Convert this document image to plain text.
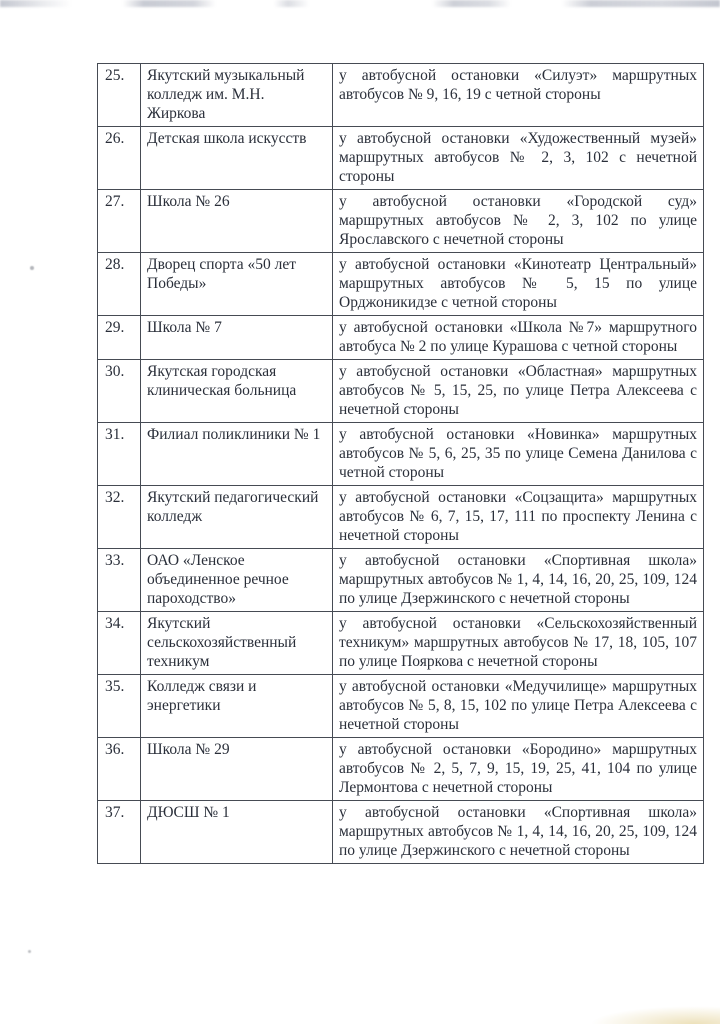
25.	Якутский музыкальный колледж им. М.Н. Жиркова	у автобусной остановки «Силуэт» маршрутных автобусов № 9, 16, 19 с четной стороны
26.	Детская школа искусств	у автобусной остановки «Художественный музей» маршрутных автобусов № 2, 3, 102 с нечетной стороны
27.	Школа № 26	у автобусной остановки «Городской суд» маршрутных автобусов № 2, 3, 102 по улице Ярославского с нечетной стороны
28.	Дворец спорта «50 лет Победы»	у автобусной остановки «Кинотеатр Центральный» маршрутных автобусов № 5, 15 по улице Орджоникидзе с четной стороны
29.	Школа № 7	у автобусной остановки «Школа №7» маршрутного автобуса № 2 по улице Курашова с четной стороны
30.	Якутская городская клиническая больница	у автобусной остановки «Областная» маршрутных автобусов № 5, 15, 25, по улице Петра Алексеева с нечетной стороны
31.	Филиал поликлиники № 1	у автобусной остановки «Новинка» маршрутных автобусов № 5, 6, 25, 35 по улице Семена Данилова с четной стороны
32.	Якутский педагогический колледж	у автобусной остановки «Соцзащита» маршрутных автобусов № 6, 7, 15, 17, 111 по проспекту Ленина с нечетной стороны
33.	ОАО «Ленское объединенное речное пароходство»	у автобусной остановки «Спортивная школа» маршрутных автобусов № 1, 4, 14, 16, 20, 25, 109, 124 по улице Дзержинского с нечетной стороны
34.	Якутский сельскохозяйственный техникум	у автобусной остановки «Сельскохозяйственный техникум» маршрутных автобусов № 17, 18, 105, 107 по улице Пояркова с нечетной стороны
35.	Колледж связи и энергетики	у автобусной остановки «Медучилище» маршрутных автобусов № 5, 8, 15, 102 по улице Петра Алексеева с нечетной стороны
36.	Школа № 29	у автобусной остановки «Бородино» маршрутных автобусов № 2, 5, 7, 9, 15, 19, 25, 41, 104 по улице Лермонтова с нечетной стороны
37.	ДЮСШ № 1	у автобусной остановки «Спортивная школа» маршрутных автобусов № 1, 4, 14, 16, 20, 25, 109, 124 по улице Дзержинского с нечетной стороны
